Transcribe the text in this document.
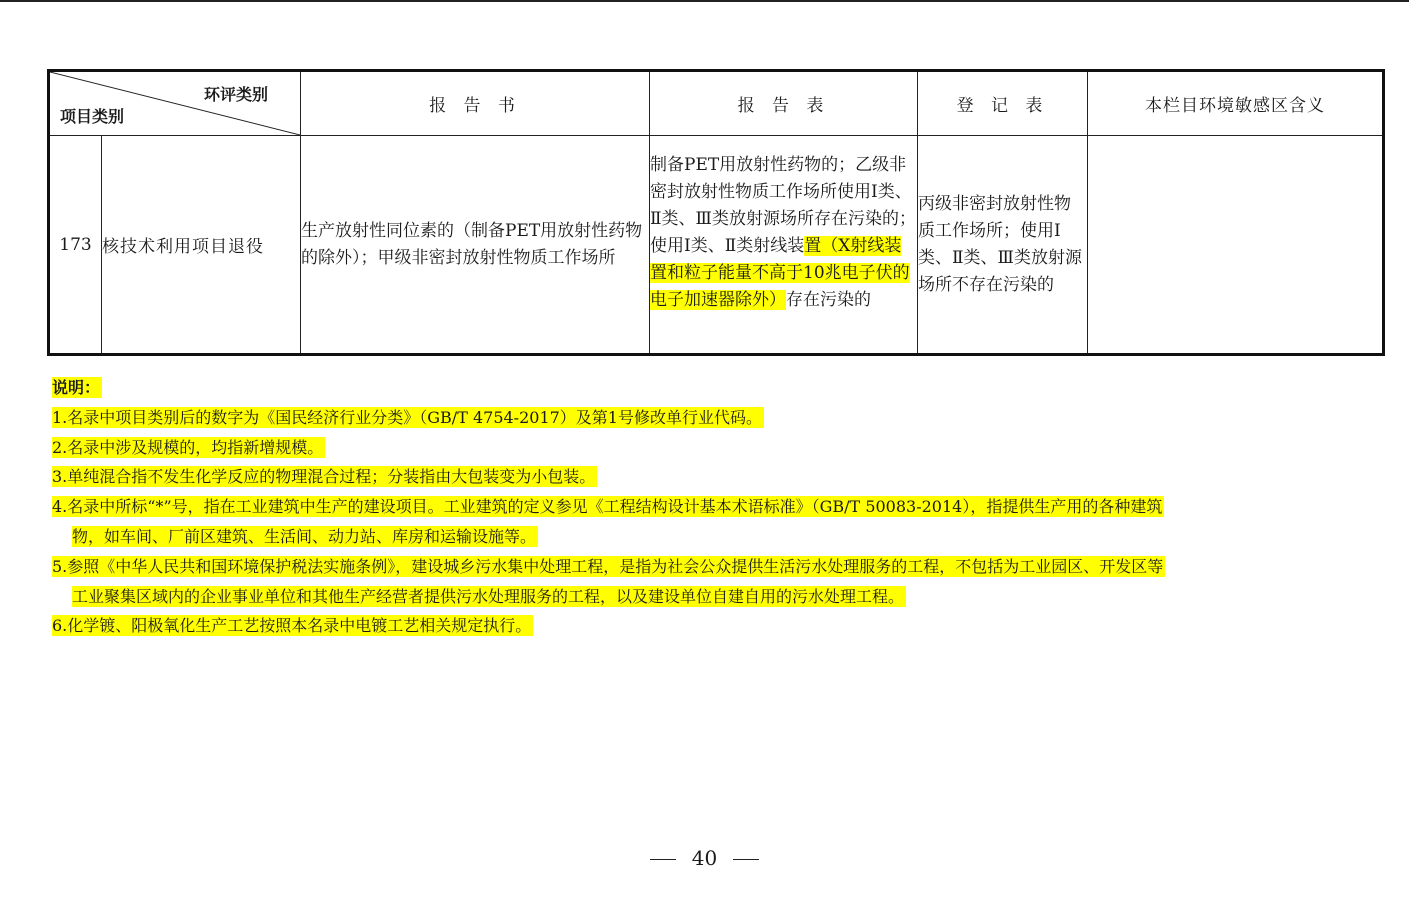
环评类别
项目类别		报 告 书	报 告 表	登 记 表	本栏目环境敏感区含义
173	核技术利用项目退役	生产放射性同位素的（制备PET用放射性药物的除外）；甲级非密封放射性物质工作场所	制备PET用放射性药物的；乙级非密封放射性物质工作场所使用Ⅰ类、Ⅱ类、Ⅲ类放射源场所存在污染的；使用Ⅰ类、Ⅱ类射线装置（X射线装置和粒子能量不高于10兆电子伏的电子加速器除外）存在污染的	丙级非密封放射性物质工作场所；使用Ⅰ类、Ⅱ类、Ⅲ类放射源场所不存在污染的	

说明：

1.名录中项目类别后的数字为《国民经济行业分类》（GB/T 4754-2017）及第1号修改单行业代码。

2.名录中涉及规模的，均指新增规模。

3.单纯混合指不发生化学反应的物理混合过程；分装指由大包装变为小包装。

4.名录中所标“*”号，指在工业建筑中生产的建设项目。工业建筑的定义参见《工程结构设计基本术语标准》（GB/T 50083-2014），指提供生产用的各种建筑

物，如车间、厂前区建筑、生活间、动力站、库房和运输设施等。

5.参照《中华人民共和国环境保护税法实施条例》，建设城乡污水集中处理工程，是指为社会公众提供生活污水处理服务的工程，不包括为工业园区、开发区等

工业聚集区域内的企业事业单位和其他生产经营者提供污水处理服务的工程，以及建设单位自建自用的污水处理工程。

6.化学镀、阳极氧化生产工艺按照本名录中电镀工艺相关规定执行。

40
